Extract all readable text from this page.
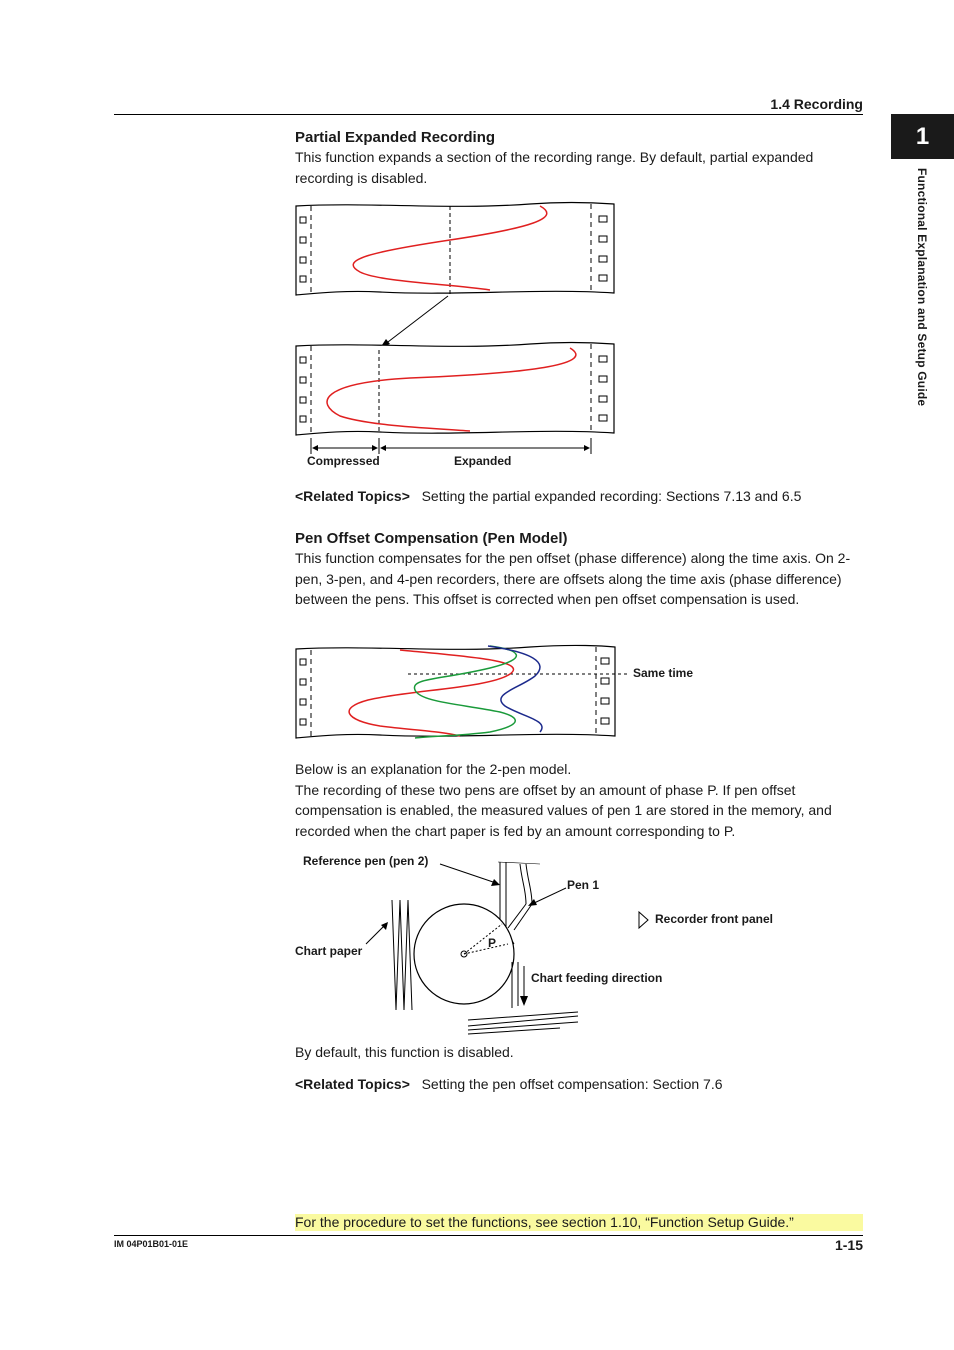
1.4 Recording
1
Functional Explanation and Setup Guide
Partial Expanded Recording

This function expands a section of the recording range. By default, partial expanded recording is disabled.

Compressed	Expanded
<Related Topics> Setting the partial expanded recording: Sections 7.13 and 6.5
Pen Offset Compensation (Pen Model)

This function compensates for the pen offset (phase difference) along the time axis. On 2-pen, 3-pen, and 4-pen recorders, there are offsets along the time axis (phase difference) between the pens. This offset is corrected when pen offset compensation is used.

Same time

Below is an explanation for the 2-pen model.

The recording of these two pens are offset by an amount of phase P. If pen offset compensation is enabled, the measured values of pen 1 are stored in the memory, and recorded when the chart paper is fed by an amount corresponding to P.

Reference pen (pen 2)
Pen 1
Recorder front panel
Chart paper
P
Chart feeding direction

By default, this function is disabled.

<Related Topics> Setting the pen offset compensation: Section 7.6
For the procedure to set the functions, see section 1.10, “Function Setup Guide.”
IM 04P01B01-01E	1-15
